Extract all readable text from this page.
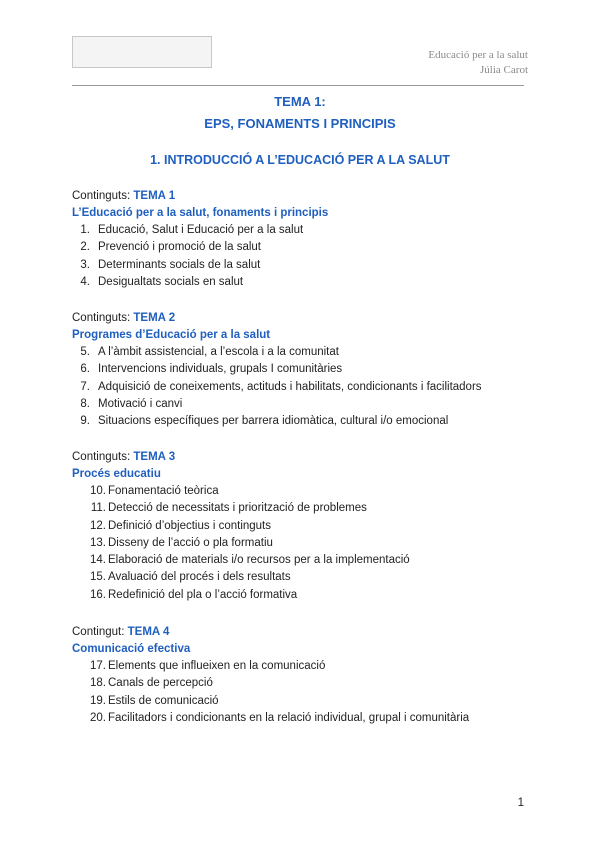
Educació per a la salut
Júlia Carot
TEMA 1:
EPS, FONAMENTS I PRINCIPIS
1. INTRODUCCIÓ A L’EDUCACIÓ PER A LA SALUT
Continguts: TEMA 1
L’Educació per a la salut, fonaments i principis
1. Educació, Salut i Educació per a la salut
2. Prevenció i promoció de la salut
3. Determinants socials de la salut
4. Desigualtats socials en salut
Continguts: TEMA 2
Programes d’Educació per a la salut
5. A l’àmbit assistencial, a l’escola i a la comunitat
6. Intervencions individuals, grupals I comunitàries
7. Adquisició de coneixements, actituds i habilitats, condicionants i facilitadors
8. Motivació i canvi
9. Situacions específiques per barrera idiomàtica, cultural i/o emocional
Continguts: TEMA 3
Procés educatiu
10. Fonamentació teòrica
11. Detecció de necessitats i priorització de problemes
12. Definició d’objectius i continguts
13. Disseny de l’acció o pla formatiu
14. Elaboració de materials i/o recursos per a la implementació
15. Avaluació del procés i dels resultats
16. Redefinició del pla o l’acció formativa
Contingut: TEMA 4
Comunicació efectiva
17. Elements que influeixen en la comunicació
18. Canals de percepció
19. Estils de comunicació
20. Facilitadors i condicionants en la relació individual, grupal i comunitària
1
